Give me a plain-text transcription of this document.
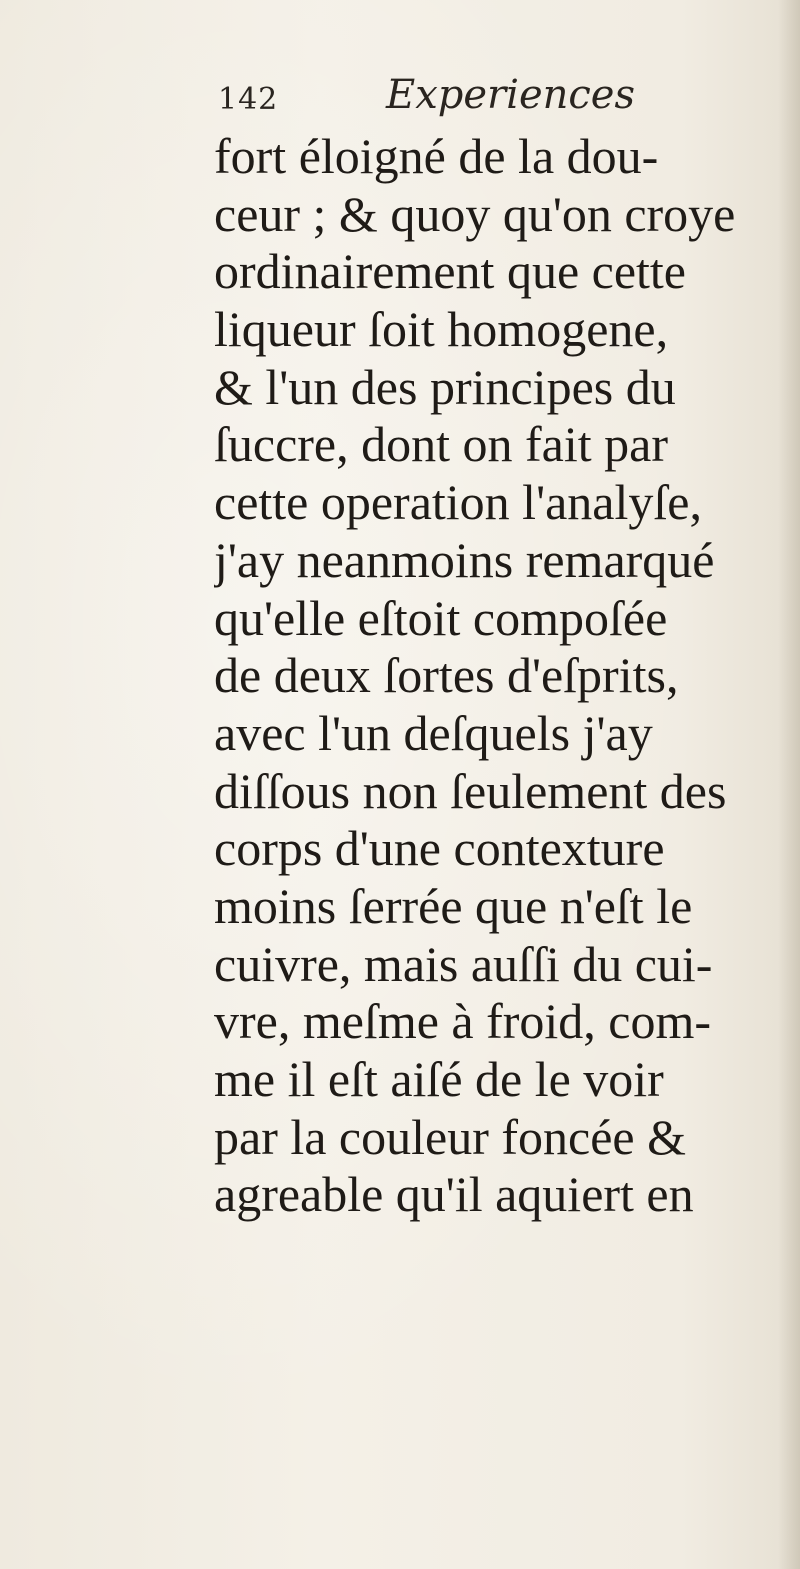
142	Experiences
fort éloigné de la dou-
ceur ; & quoy qu'on croye
ordinairement que cette
liqueur ſoit homogene,
& l'un des principes du
ſuccre, dont on fait par
cette operation l'analyſe,
j'ay neanmoins remarqué
qu'elle eſtoit compoſée
de deux ſortes d'eſprits,
avec l'un deſquels j'ay
diſſous non ſeulement des
corps d'une contexture
moins ſerrée que n'eſt le
cuivre, mais auſſi du cui-
vre, meſme à froid, com-
me il eſt aiſé de le voir
par la couleur foncée &
agreable qu'il aquiert en
